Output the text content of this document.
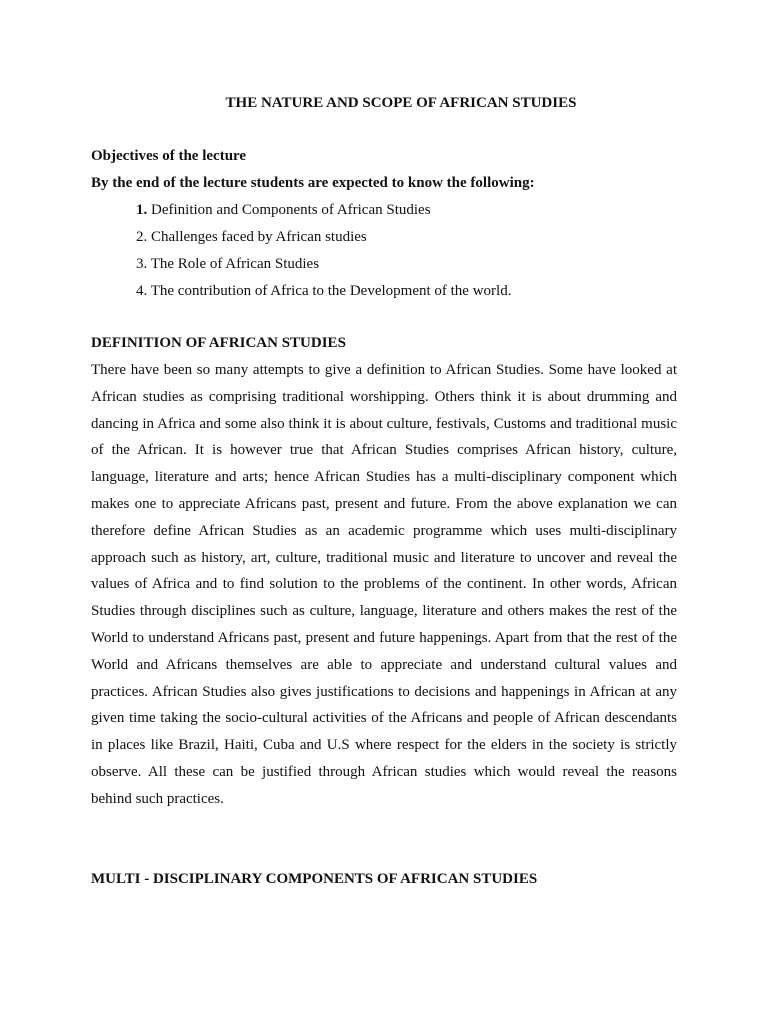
THE NATURE AND SCOPE OF AFRICAN STUDIES

Objectives of the lecture

By the end of the lecture students are expected to know the following:

1. Definition and Components of African Studies
2. Challenges faced by African studies
3. The Role of African Studies
4. The contribution of Africa to the Development of the world.

DEFINITION OF AFRICAN STUDIES

There have been so many attempts to give a definition to African Studies. Some have looked at
African studies as comprising traditional worshipping. Others think it is about drumming and
dancing in Africa and some also think it is about culture, festivals, Customs and traditional music
of the African. It is however true that African Studies comprises African history, culture,
language, literature and arts; hence African Studies has a multi-disciplinary component which
makes one to appreciate Africans past, present and future. From the above explanation we can
therefore define African Studies as an academic programme which uses multi-disciplinary
approach such as history, art, culture, traditional music and literature to uncover and reveal the
values of Africa and to find solution to the problems of the continent. In other words, African
Studies through disciplines such as culture, language, literature and others makes the rest of the
World to understand Africans past, present and future happenings. Apart from that the rest of the
World and Africans themselves are able to appreciate and understand cultural values and
practices. African Studies also gives justifications to decisions and happenings in African at any
given time taking the socio-cultural activities of the Africans and people of African descendants
in places like Brazil, Haiti, Cuba and U.S where respect for the elders in the society is strictly
observe. All these can be justified through African studies which would reveal the reasons
behind such practices.

MULTI - DISCIPLINARY COMPONENTS OF AFRICAN STUDIES
